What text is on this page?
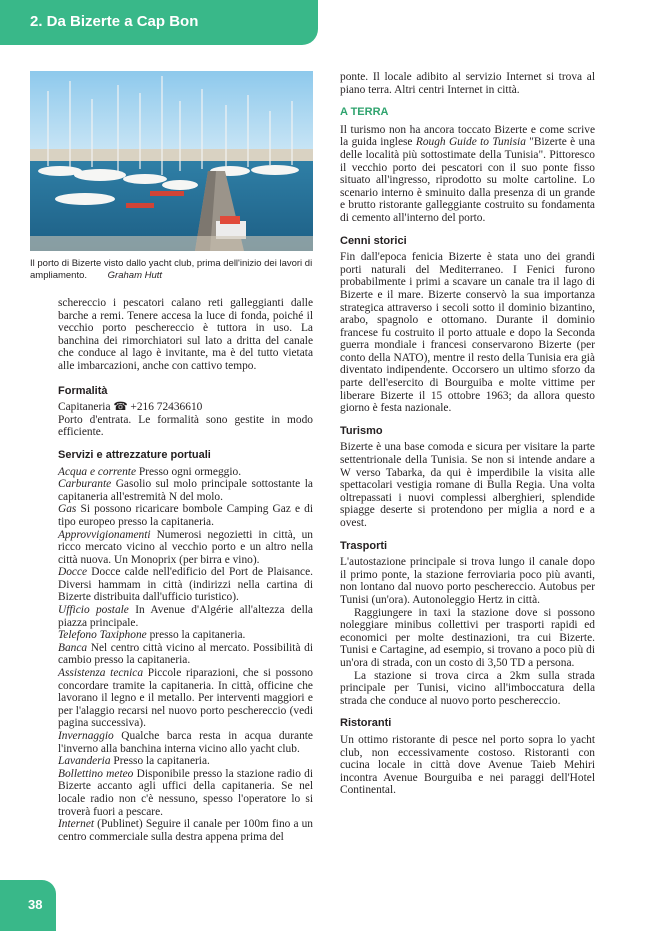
2. Da Bizerte a Cap Bon
Il porto di Bizerte visto dallo yacht club, prima dell'inizio dei lavori di ampliamento. Graham Hutt

schereccio i pescatori calano reti galleggianti dalle barche a remi. Tenere accesa la luce di fonda, poiché il vecchio porto peschereccio è tuttora in uso. La banchina dei rimorchiatori sul lato a dritta del canale che conduce al lago è invitante, ma è del tutto vietata alle imbarcazioni, anche con cattivo tempo.

Formalità

Capitaneria ☎ +216 72436610

Porto d'entrata. Le formalità sono gestite in modo efficiente.

Servizi e attrezzature portuali

Acqua e corrente Presso ogni ormeggio.

Carburante Gasolio sul molo principale sottostante la capitaneria all'estremità N del molo.

Gas Si possono ricaricare bombole Camping Gaz e di tipo europeo presso la capitaneria.

Approvvigionamenti Numerosi negozietti in città, un ricco mercato vicino al vecchio porto e un altro nella città nuova. Un Monoprix (per birra e vino).

Docce Docce calde nell'edificio del Port de Plaisance. Diversi hammam in città (indirizzi nella cartina di Bizerte distribuita dall'ufficio turistico).

Ufficio postale In Avenue d'Algérie all'altezza della piazza principale.

Telefono Taxiphone presso la capitaneria.

Banca Nel centro città vicino al mercato. Possibilità di cambio presso la capitaneria.

Assistenza tecnica Piccole riparazioni, che si possono concordare tramite la capitaneria. In città, officine che lavorano il legno e il metallo. Per interventi maggiori e per l'alaggio recarsi nel nuovo porto peschereccio (vedi pagina successiva).

Invernaggio Qualche barca resta in acqua durante l'inverno alla banchina interna vicino allo yacht club.

Lavanderia Presso la capitaneria.

Bollettino meteo Disponibile presso la stazione radio di Bizerte accanto agli uffici della capitaneria. Se nel locale radio non c'è nessuno, spesso l'operatore lo si troverà fuori a pescare.

Internet (Publinet) Seguire il canale per 100m fino a un centro commerciale sulla destra appena prima del

ponte. Il locale adibito al servizio Internet si trova al piano terra. Altri centri Internet in città.

A TERRA

Il turismo non ha ancora toccato Bizerte e come scrive la guida inglese Rough Guide to Tunisia "Bizerte è una delle località più sottostimate della Tunisia". Pittoresco il vecchio porto dei pescatori con il suo ponte fisso situato all'ingresso, riprodotto su molte cartoline. Lo scenario interno è sminuito dalla presenza di un grande e brutto ristorante galleggiante costruito su fondamenta di cemento all'interno del porto.

Cenni storici

Fin dall'epoca fenicia Bizerte è stata uno dei grandi porti naturali del Mediterraneo. I Fenici furono probabilmente i primi a scavare un canale tra il lago di Bizerte e il mare. Bizerte conservò la sua importanza strategica attraverso i secoli sotto il dominio bizantino, arabo, spagnolo e ottomano. Durante il dominio francese fu costruito il porto attuale e dopo la Seconda guerra mondiale i francesi conservarono Bizerte (per conto della NATO), mentre il resto della Tunisia era già diventato indipendente. Occorsero un ultimo sforzo da parte dell'esercito di Bourguiba e molte vittime per liberare Bizerte il 15 ottobre 1963; da allora questo giorno è festa nazionale.

Turismo

Bizerte è una base comoda e sicura per visitare la parte settentrionale della Tunisia. Se non si intende andare a W verso Tabarka, da qui è imperdibile la visita alle spettacolari vestigia romane di Bulla Regia. Una volta oltrepassati i nuovi complessi alberghieri, splendide spiagge deserte si protendono per miglia a nord e a ovest.

Trasporti

L'autostazione principale si trova lungo il canale dopo il primo ponte, la stazione ferroviaria poco più avanti, non lontano dal nuovo porto peschereccio. Autobus per Tunisi (un'ora). Autonoleggio Hertz in città.

Raggiungere in taxi la stazione dove si possono noleggiare minibus collettivi per trasporti rapidi ed economici per molte destinazioni, tra cui Bizerte. Tunisi e Cartagine, ad esempio, si trovano a poco più di un'ora di strada, con un costo di 3,50 TD a persona.

La stazione si trova circa a 2km sulla strada principale per Tunisi, vicino all'imboccatura della strada che conduce al nuovo porto peschereccio.

Ristoranti

Un ottimo ristorante di pesce nel porto sopra lo yacht club, non eccessivamente costoso. Ristoranti con cucina locale in città dove Avenue Taieb Mehiri incontra Avenue Bourguiba e nei paraggi dell'Hotel Continental.

38
